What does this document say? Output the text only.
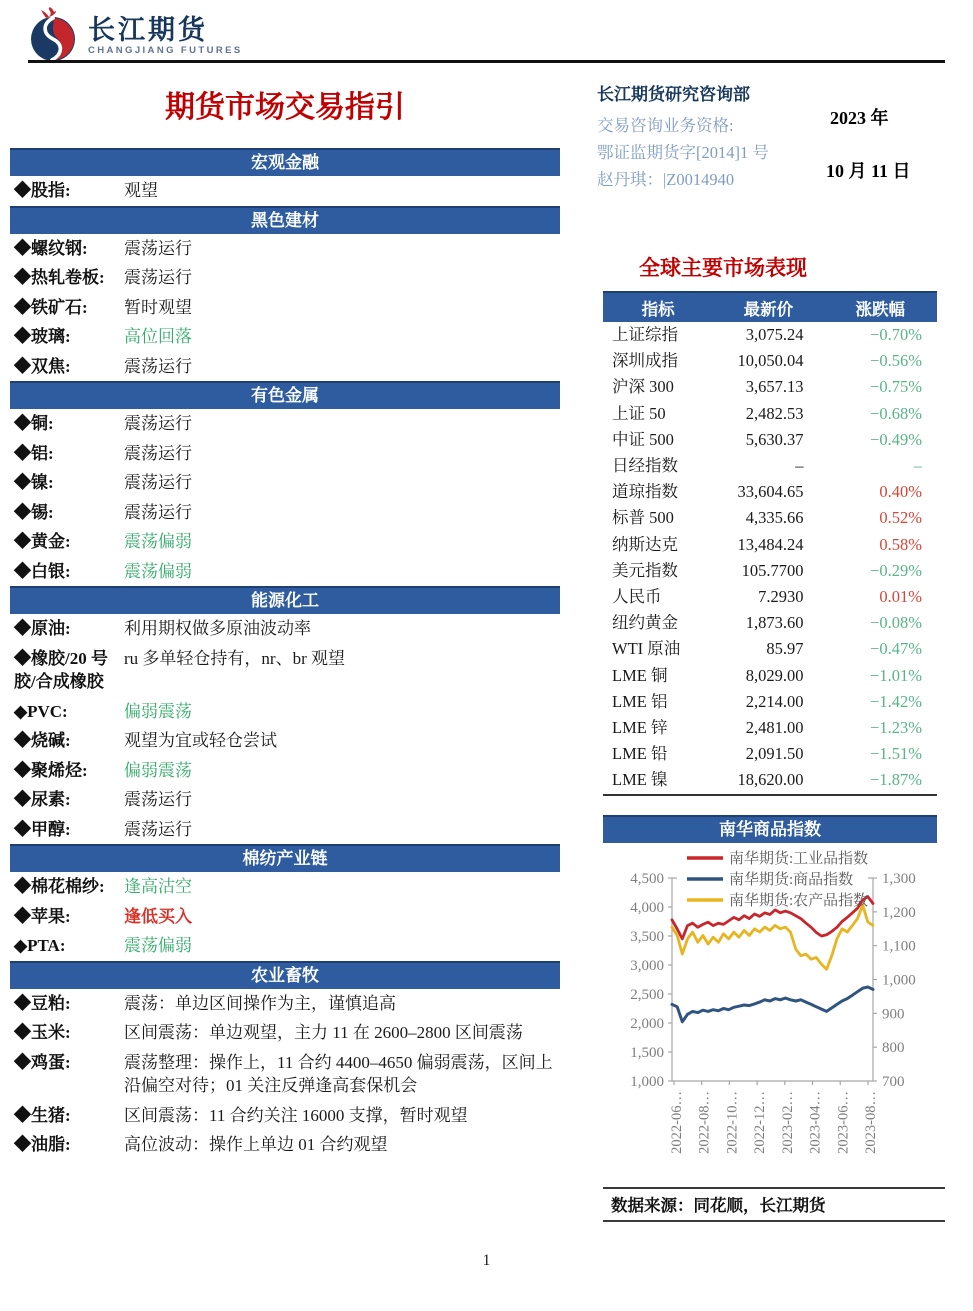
长江期货
CHANGJIANG FUTURES
期货市场交易指引	长江期货研究咨询部
交易咨询业务资格:
鄂证监期货字[2014]1 号
赵丹琪：|Z0014940
2023 年
10 月 11 日
宏观金融
◆股指:	观望
黑色建材
◆螺纹钢:	震荡运行
◆热轧卷板:	震荡运行
◆铁矿石:	暂时观望
◆玻璃:	高位回落
◆双焦:	震荡运行
有色金属
◆铜:	震荡运行
◆铝:	震荡运行
◆镍:	震荡运行
◆锡:	震荡运行
◆黄金:	震荡偏弱
◆白银:	震荡偏弱
能源化工
◆原油:	利用期权做多原油波动率
◆橡胶/20 号胶/合成橡胶
ru 多单轻仓持有，nr、br 观望
◆PVC:	偏弱震荡
◆烧碱:	观望为宜或轻仓尝试
◆聚烯烃:	偏弱震荡
◆尿素:	震荡运行
◆甲醇:	震荡运行
棉纺产业链
◆棉花棉纱:	逢高沽空
◆苹果:	逢低买入
◆PTA:	震荡偏弱
农业畜牧
◆豆粕:	震荡：单边区间操作为主，谨慎追高
◆玉米:	区间震荡：单边观望，主力 11 在 2600–2800 区间震荡
◆鸡蛋:	震荡整理：操作上，11 合约 4400–4650 偏弱震荡，区间上沿偏空对待；01 关注反弹逢高套保机会
◆生猪:	区间震荡：11 合约关注 16000 支撑，暂时观望
◆油脂:	高位波动：操作上单边 01 合约观望
全球主要市场表现
指标	最新价	涨跌幅
上证综指	3,075.24	−0.70%
深圳成指	10,050.04	−0.56%
沪深 300	3,657.13	−0.75%
上证 50	2,482.53	−0.68%
中证 500	5,630.37	−0.49%
日经指数	–	–
道琼指数	33,604.65	0.40%
标普 500	4,335.66	0.52%
纳斯达克	13,484.24	0.58%
美元指数	105.7700	−0.29%
人民币	7.2930	0.01%
纽约黄金	1,873.60	−0.08%
WTI 原油	85.97	−0.47%
LME 铜	8,029.00	−1.01%
LME 铝	2,214.00	−1.42%
LME 锌	2,481.00	−1.23%
LME 铅	2,091.50	−1.51%
LME 镍	18,620.00	−1.87%
南华商品指数
4,500
4,000
3,500
3,000
2,500
2,000
1,500
1,000
1,300
1,200
1,100
1,000
900
800
700
2022-06… 2022-08… 2022-10… 2022-12… 2023-02… 2023-04… 2023-06… 2023-08…
南华期货:工业品指数
南华期货:商品指数
南华期货:农产品指数
数据来源：同花顺，长江期货
1
